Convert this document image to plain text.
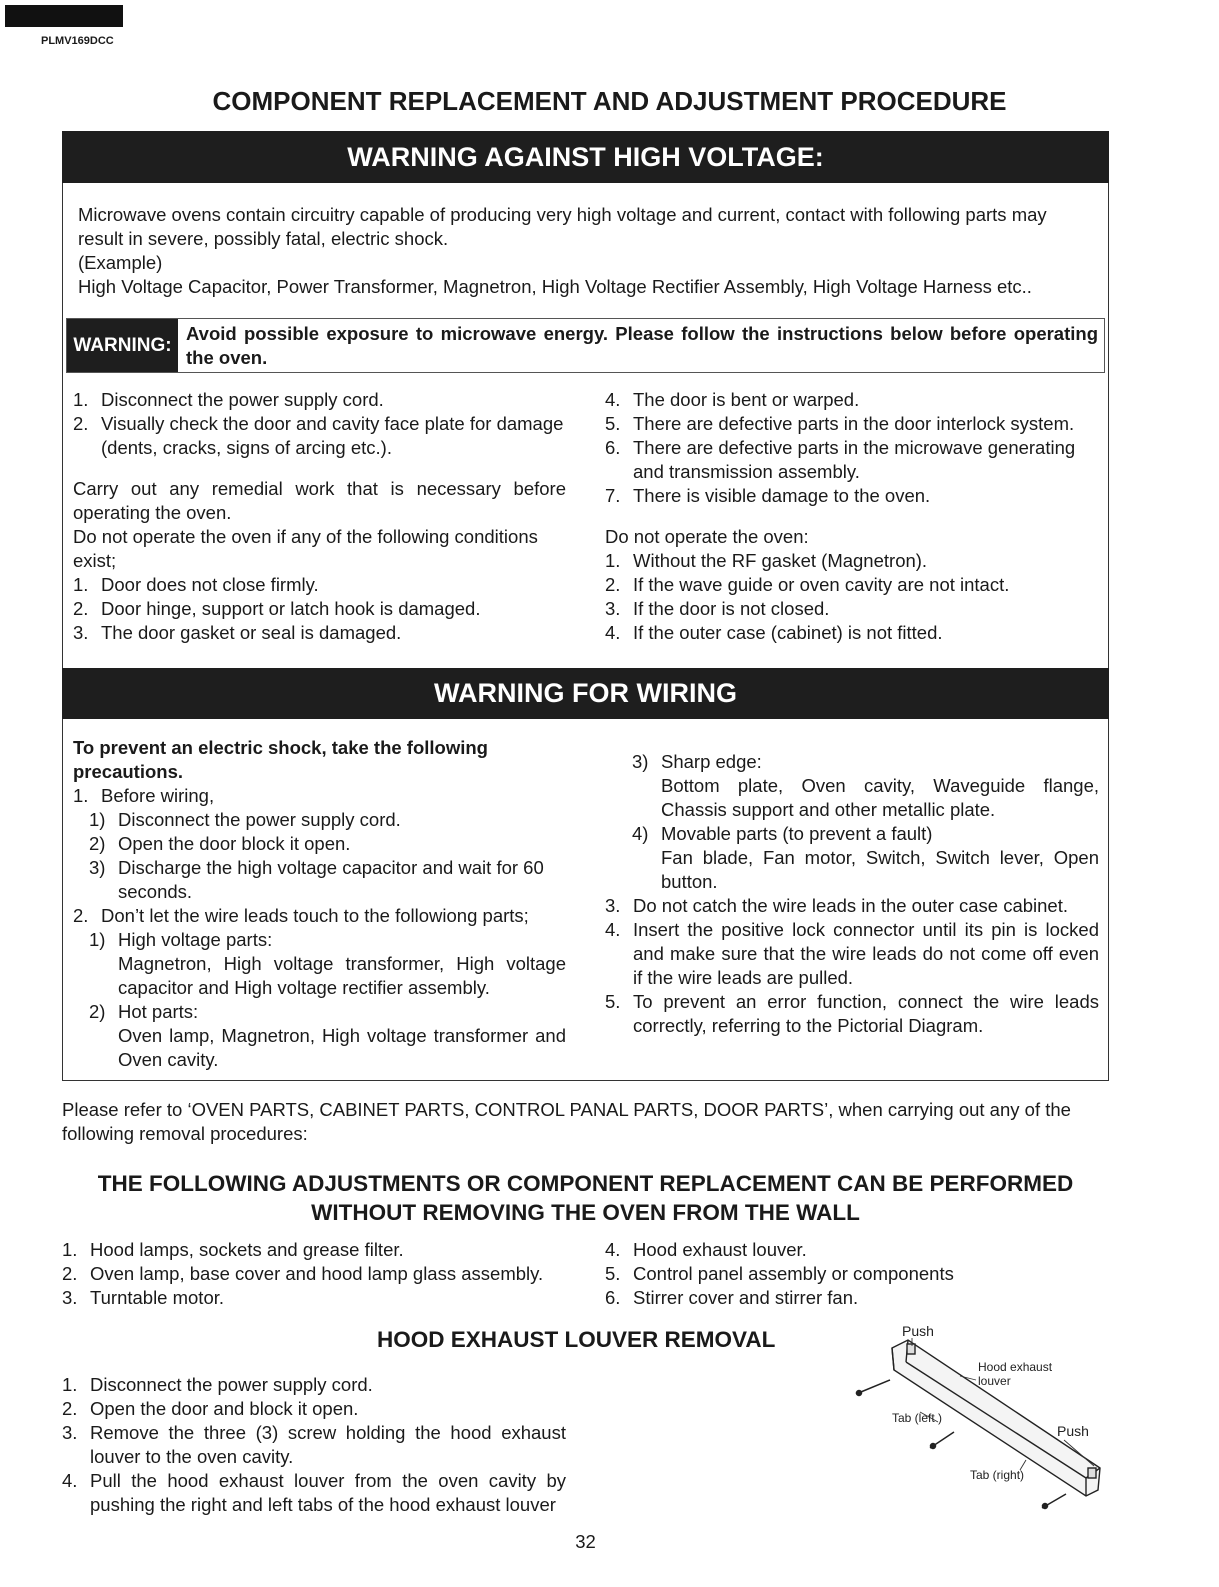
PLMV169DCC
COMPONENT REPLACEMENT AND ADJUSTMENT PROCEDURE
WARNING AGAINST HIGH VOLTAGE:
Microwave ovens contain circuitry capable of producing very high voltage and current, contact with following parts may
result in severe, possibly fatal, electric shock.
(Example)
High Voltage Capacitor, Power Transformer, Magnetron, High Voltage Rectifier Assembly, High Voltage Harness etc..
WARNING:
Avoid possible exposure to microwave energy. Please follow the instructions below before operating the oven.
1. Disconnect the power supply cord.
2. Visually check the door and cavity face plate for damage (dents, cracks, signs of arcing etc.).
Carry out any remedial work that is necessary before operating the oven.
Do not operate the oven if any of the following conditions exist;
1. Door does not close firmly.
2. Door hinge, support or latch hook is damaged.
3. The door gasket or seal is damaged.
4. The door is bent or warped.
5. There are defective parts in the door interlock system.
6. There are defective parts in the microwave generating and transmission assembly.
7. There is visible damage to the oven.
Do not operate the oven:
1. Without the RF gasket (Magnetron).
2. If the wave guide or oven cavity are not intact.
3. If the door is not closed.
4. If the outer case (cabinet) is not fitted.
WARNING FOR WIRING
To prevent an electric shock, take the following precautions.
1. Before wiring,
1) Disconnect the power supply cord.
2) Open the door block it open.
3) Discharge the high voltage capacitor and wait for 60 seconds.
2. Don’t let the wire leads touch to the followiong parts;
1) High voltage parts:
Magnetron, High voltage transformer, High voltage capacitor and High voltage rectifier assembly.
2) Hot parts:
Oven lamp, Magnetron, High voltage transformer and Oven cavity.
3) Sharp edge:
Bottom plate, Oven cavity, Waveguide flange, Chassis support and other metallic plate.
4) Movable parts (to prevent a fault)
Fan blade, Fan motor, Switch, Switch lever, Open button.
3. Do not catch the wire leads in the outer case cabinet.
4. Insert the positive lock connector until its pin is locked and make sure that the wire leads do not come off even if the wire leads are pulled.
5. To prevent an error function, connect the wire leads correctly, referring to the Pictorial Diagram.
Please refer to ‘OVEN PARTS, CABINET PARTS, CONTROL PANAL PARTS, DOOR PARTS’, when carrying out any of the following removal procedures:
THE FOLLOWING ADJUSTMENTS OR COMPONENT REPLACEMENT CAN BE PERFORMED
WITHOUT REMOVING THE OVEN FROM THE WALL
1. Hood lamps, sockets and grease filter.
2. Oven lamp, base cover and hood lamp glass assembly.
3. Turntable motor.
4. Hood exhaust louver.
5. Control panel assembly or components
6. Stirrer cover and stirrer fan.
HOOD EXHAUST LOUVER REMOVAL
1. Disconnect the power supply cord.
2. Open the door and block it open.
3. Remove the three (3) screw holding the hood exhaust louver to the oven cavity.
4. Pull the hood exhaust louver from the oven cavity by pushing the right and left tabs of the hood exhaust louver
Push
Hood exhaust
louver
Tab (left )
Push
Tab (right)
32
